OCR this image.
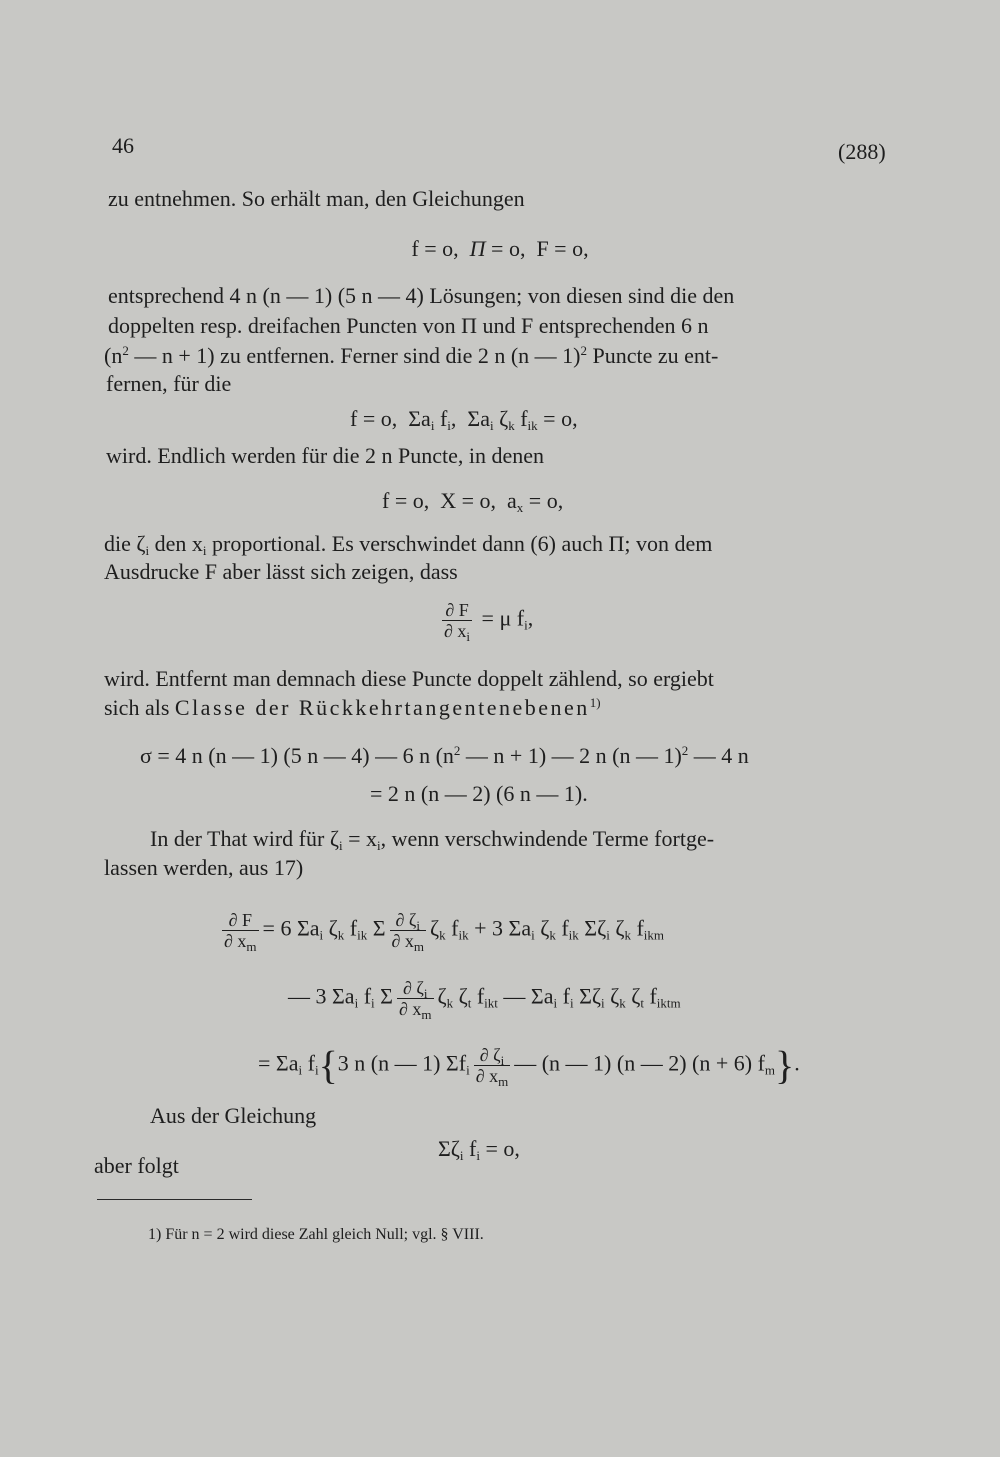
46	(288)
zu entnehmen. So erhält man, den Gleichungen
f = o,  Π = o,  F = o,
entsprechend 4 n (n — 1) (5 n — 4) Lösungen; von diesen sind die den
doppelten resp. dreifachen Puncten von Π und F entsprechenden 6 n
($n^2$ — n + 1) zu entfernen. Ferner sind die 2 n (n — 1)$^2$ Puncte zu ent-
fernen, für die
f = o,  $\Sigma a_i$ $f_i$,  $\Sigma a_i$ $\zeta_k$ $f_{ik} = o$,
wird. Endlich werden für die 2 n Puncte, in denen
f = o,  X = o,  $a_x = o$,
die $\zeta_i$ den $x_i$ proportional. Es verschwindet dann (6) auch Π; von dem
Ausdrucke F aber lässt sich zeigen, dass
$\frac{\partial F}{\partial x_i} = \mu$ $f_i$,
wird. Entfernt man demnach diese Puncte doppelt zählend, so ergiebt
sich als Classe der Rückkehrtangentenebenen$^{1)}$
σ = 4 n (n — 1) (5 n — 4) — 6 n ($n^2$ — n + 1) — 2 n (n — 1)$^2$ — 4 n
= 2 n (n — 2) (6 n — 1).
In der That wird für $\zeta_i = x_i$, wenn verschwindende Terme fortge-
lassen werden, aus 17)
$\frac{\partial F}{\partial x_m} = 6$ $\Sigma a_i$ $\zeta_k$ $f_{ik}$ Σ $\frac{\partial \zeta_i}{\partial x_m} \zeta_k$ $f_{ik} + 3$ $\Sigma a_i$ $\zeta_k$ $f_{ik}$ $\Sigma\zeta_i$ $\zeta_k$ $f_{ikm}$
— 3 $\Sigma a_i$ $f_i$ Σ $\frac{\partial \zeta_i}{\partial x_m} \zeta_k$ $\zeta_t$ $f_{ikt}$ — $\Sigma a_i$ $f_i$ $\Sigma\zeta_i$ $\zeta_k$ $\zeta_t$ $f_{iktm}$
= $\Sigma a_i$ $f_i\{3$ n (n — 1) $\Sigma f_i \frac{\partial \zeta_i}{\partial x_m}$ — (n — 1) (n — 2) (n + 6) $f_m$}.
Aus der Gleichung
$\Sigma\zeta_i$ $f_i = o$,
aber folgt
1) Für n = 2 wird diese Zahl gleich Null; vgl. § VIII.
